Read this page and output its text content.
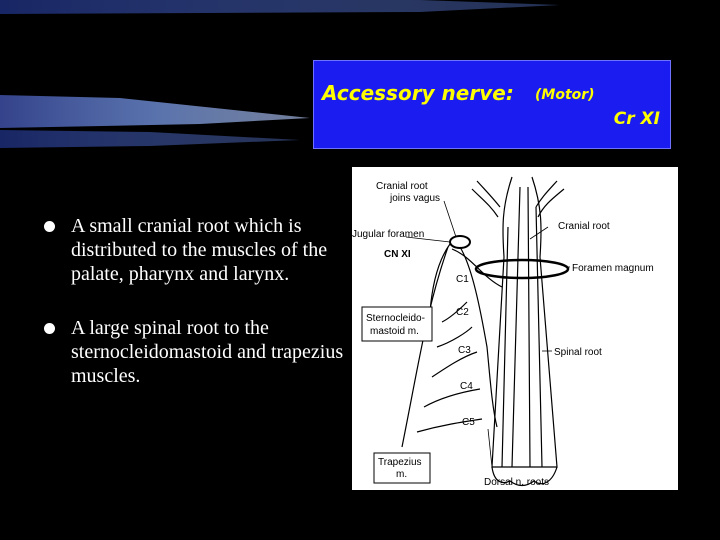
Accessory nerve: (Motor)
Cr XI
A small cranial root which is distributed to the muscles of the palate, pharynx and larynx.
A large spinal root to the sternocleidomastoid and trapezius muscles.
Cranial root
joins vagus
Jugular foramen
Cranial root
CN XI
Foramen magnum
C1
C2
C3
C4
C5
Sternocleido-
mastoid m.
Spinal root
Trapezius
m.
Dorsal n. roots
